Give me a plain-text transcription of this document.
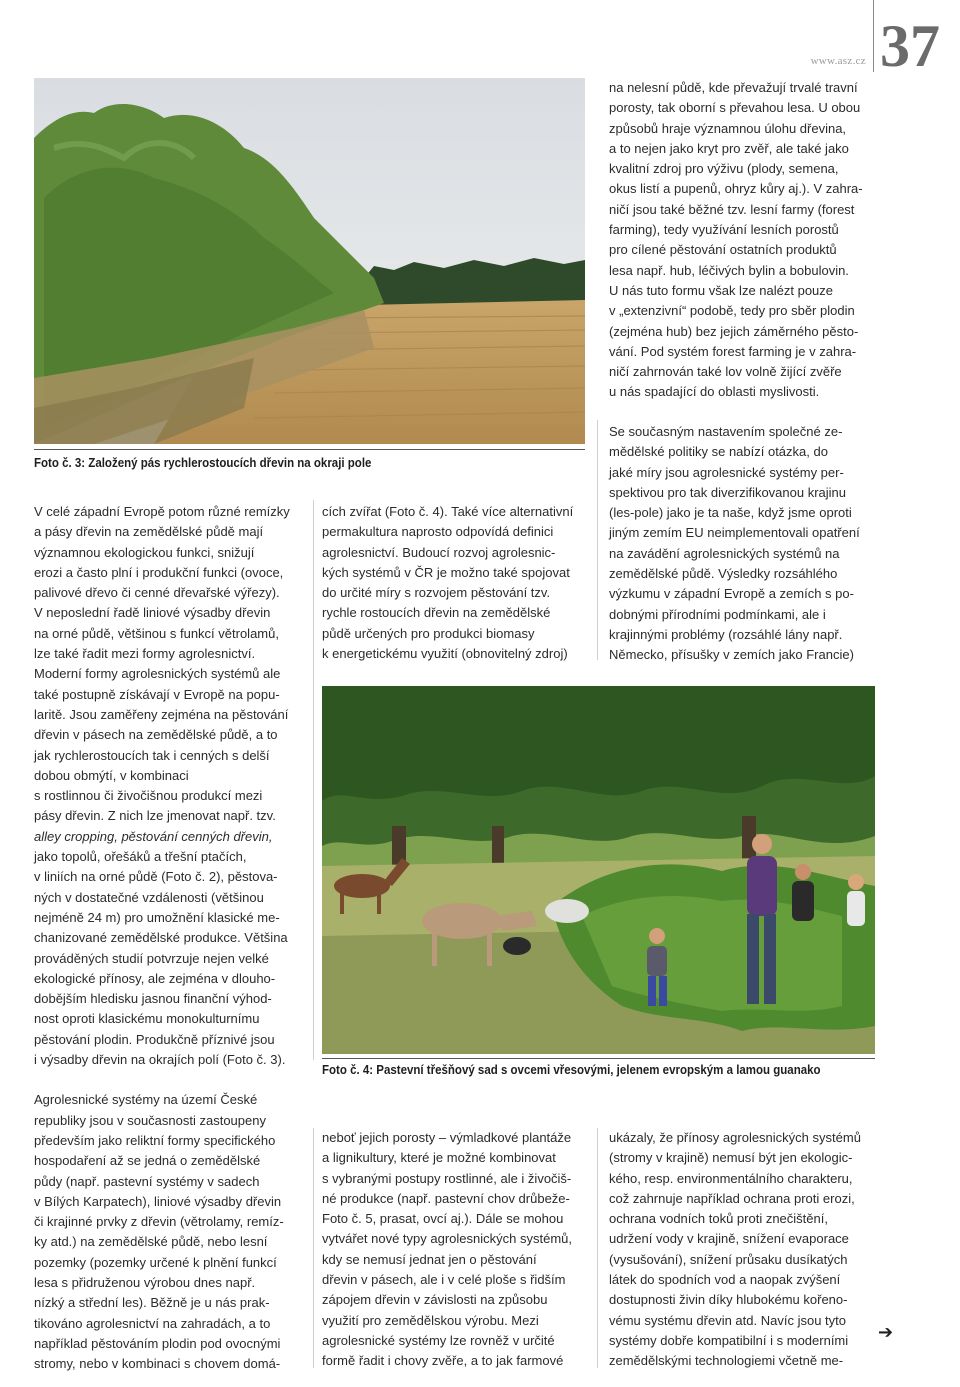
www.asz.cz 37

na nelesní půdě, kde převažují trvalé travní

porosty, tak oborní s převahou lesa. U obou

způsobů hraje významnou úlohu dřevina,

a to nejen jako kryt pro zvěř, ale také jako

kvalitní zdroj pro výživu (plody, semena,

okus listí a pupenů, ohryz kůry aj.). V zahra-

ničí jsou také běžné tzv. lesní farmy (forest

farming), tedy využívání lesních porostů

pro cílené pěstování ostatních produktů

lesa např. hub, léčivých bylin a bobulovin.

U nás tuto formu však lze nalézt pouze

v „extenzivní“ podobě, tedy pro sběr plodin

(zejména hub) bez jejich záměrného pěsto-

vání. Pod systém forest farming je v zahra-

ničí zahrnován také lov volně žijící zvěře

u nás spadající do oblasti myslivosti.

Foto č. 3: Založený pás rychlerostoucích dřevin na okraji pole

Se současným nastavením společné ze-

mědělské politiky se nabízí otázka, do

jaké míry jsou agrolesnické systémy per-

spektivou pro tak diverzifikovanou krajinu

(les-pole) jako je ta naše, když jsme oproti

jiným zemím EU neimplementovali opatření

na zavádění agrolesnických systémů na

zemědělské půdě. Výsledky rozsáhlého

výzkumu v západní Evropě a zemích s po-

dobnými přírodními podmínkami, ale i

krajinnými problémy (rozsáhlé lány např.

Německo, přísušky v zemích jako Francie)

V celé západní Evropě potom různé remízky

a pásy dřevin na zemědělské půdě mají

významnou ekologickou funkci, snižují

erozi a často plní i produkční funkci (ovoce,

palivové dřevo či cenné dřevařské výřezy).

V neposlední řadě liniové výsadby dřevin

na orné půdě, většinou s funkcí větrolamů,

lze také řadit mezi formy agrolesnictví.

Moderní formy agrolesnických systémů ale

také postupně získávají v Evropě na popu-

laritě. Jsou zaměřeny zejména na pěstování

dřevin v pásech na zemědělské půdě, a to

jak rychlerostoucích tak i cenných s delší

dobou obmýtí, v kombinaci

s rostlinnou či živočišnou produkcí mezi

pásy dřevin. Z nich lze jmenovat např. tzv.

alley cropping, pěstování cenných dřevin,

jako topolů, ořešáků a třešní ptačích,

v liniích na orné půdě (Foto č. 2), pěstova-

ných v dostatečné vzdálenosti (většinou

nejméně 24 m) pro umožnění klasické me-

chanizované zemědělské produkce. Většina

prováděných studií potvrzuje nejen velké

ekologické přínosy, ale zejména v dlouho-

dobějším hledisku jasnou finanční výhod-

nost oproti klasickému monokulturnímu

pěstování plodin. Produkčně příznivé jsou

i výsadby dřevin na okrajích polí (Foto č. 3).

Agrolesnické systémy na území České

republiky jsou v současnosti zastoupeny

především jako reliktní formy specifického

hospodaření až se jedná o zemědělské

půdy (např. pastevní systémy v sadech

v Bílých Karpatech), liniové výsadby dřevin

či krajinné prvky z dřevin (větrolamy, remíz-

ky atd.) na zemědělské půdě, nebo lesní

pozemky (pozemky určené k plnění funkcí

lesa s přidruženou výrobou dnes např.

nízký a střední les). Běžně je u nás prak-

tikováno agrolesnictví na zahradách, a to

například pěstováním plodin pod ovocnými

stromy, nebo v kombinaci s chovem domá-

cích zvířat (Foto č. 4). Také více alternativní

permakultura naprosto odpovídá definici

agrolesnictví. Budoucí rozvoj agrolesnic-

kých systémů v ČR je možno také spojovat

do určité míry s rozvojem pěstování tzv.

rychle rostoucích dřevin na zemědělské

půdě určených pro produkci biomasy

k energetickému využití (obnovitelný zdroj)

Foto č. 4: Pastevní třešňový sad s ovcemi vřesovými, jelenem evropským a lamou guanako

neboť jejich porosty – výmladkové plantáže

a lignikultury, které je možné kombinovat

s vybranými postupy rostlinné, ale i živočiš-

né produkce (např. pastevní chov drůbeže-

Foto č. 5, prasat, ovcí aj.). Dále se mohou

vytvářet nové typy agrolesnických systémů,

kdy se nemusí jednat jen o pěstování

dřevin v pásech, ale i v celé ploše s řidším

zápojem dřevin v závislosti na způsobu

využití pro zemědělskou výrobu. Mezi

agrolesnické systémy lze rovněž v určité

formě řadit i chovy zvěře, a to jak farmové

ukázaly, že přínosy agrolesnických systémů

(stromy v krajině) nemusí být jen ekologic-

kého, resp. environmentálního charakteru,

což zahrnuje například ochrana proti erozi,

ochrana vodních toků proti znečištění,

udržení vody v krajině, snížení evaporace

(vysušování), snížení průsaku dusíkatých

látek do spodních vod a naopak zvýšení

dostupnosti živin díky hlubokému kořeno-

vému systému dřevin atd. Navíc jsou tyto

systémy dobře kompatibilní i s moderními

zemědělskými technologiemi včetně me-

➔
